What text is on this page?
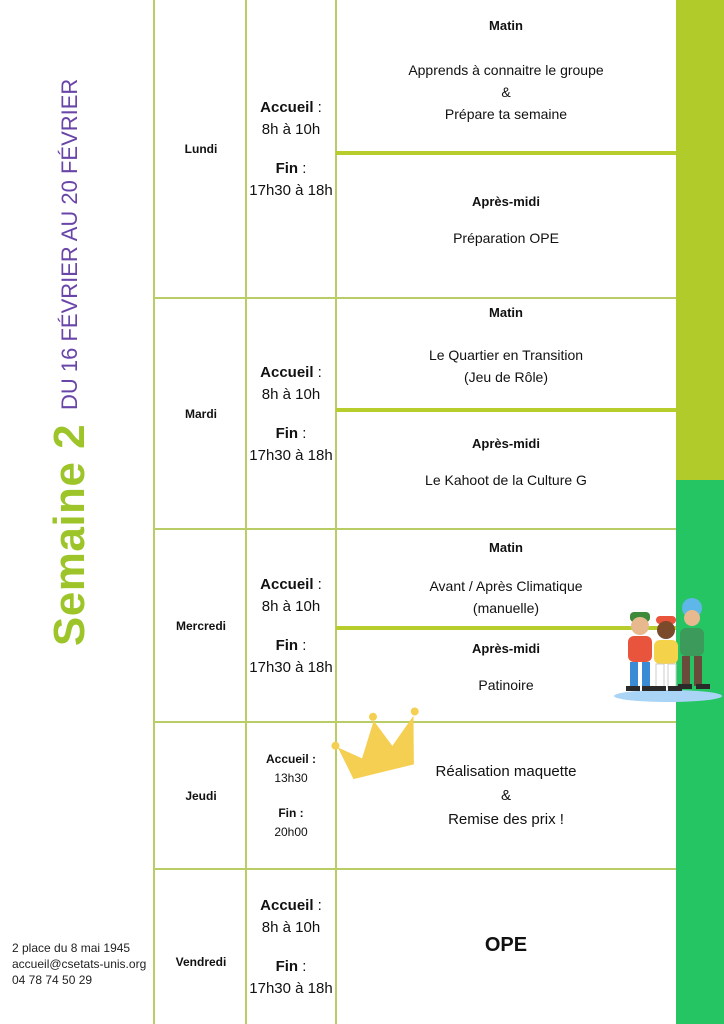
Semaine 2
DU 16 FÉVRIER AU 20 FÉVRIER
2 place du 8 mai 1945
accueil@csetats-unis.org
04 78 74 50 29
Lundi
Accueil :
8h à 10h
Fin :
17h30 à 18h
Matin
Apprends à connaitre le groupe
&
Prépare ta semaine
Après-midi
Préparation OPE
Mardi
Accueil :
8h à 10h
Fin :
17h30 à 18h
Matin
Le Quartier en Transition
(Jeu de Rôle)
Après-midi
Le Kahoot de la Culture G
Mercredi
Accueil :
8h à 10h
Fin :
17h30 à 18h
Matin
Avant / Après Climatique
(manuelle)
Après-midi
Patinoire
Jeudi
Accueil :
13h30
Fin :
20h00
Réalisation maquette
&
Remise des prix !
Vendredi
Accueil :
8h à 10h
Fin :
17h30 à 18h
OPE
